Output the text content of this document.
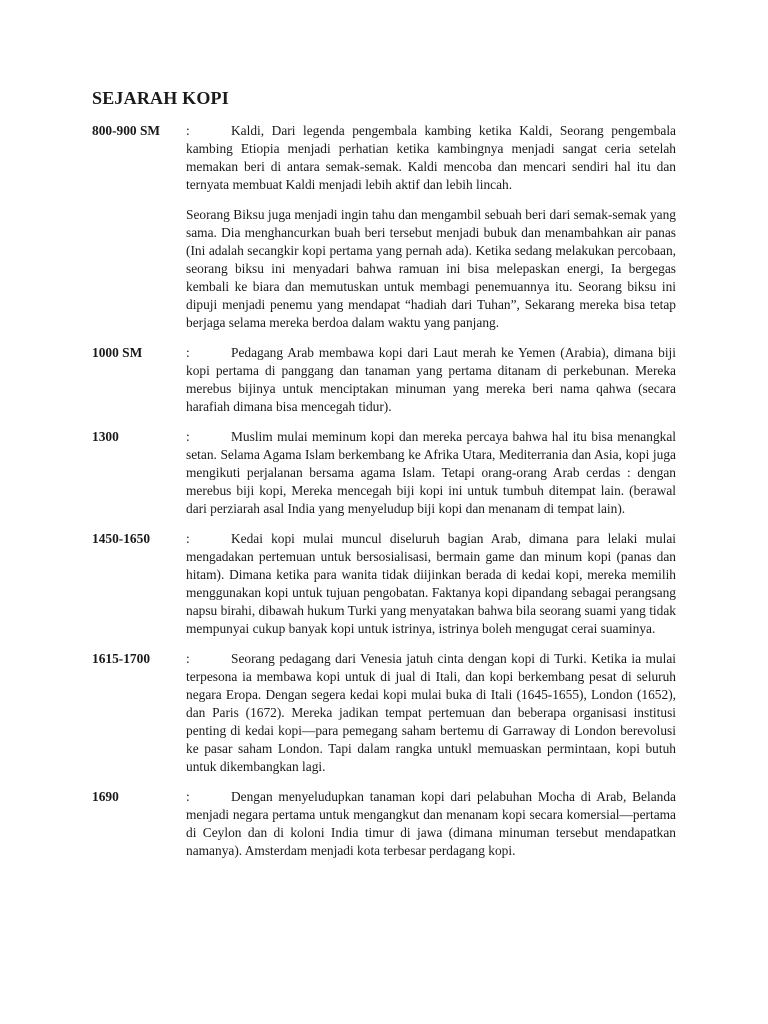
SEJARAH KOPI
800-900 SM	:	Kaldi, Dari legenda pengembala kambing ketika Kaldi, Seorang pengembala kambing Etiopia menjadi perhatian ketika kambingnya menjadi sangat ceria setelah memakan beri di antara semak-semak. Kaldi mencoba dan mencari sendiri hal itu dan ternyata membuat Kaldi menjadi lebih aktif dan lebih lincah.

Seorang Biksu juga menjadi ingin tahu dan mengambil sebuah beri dari semak-semak yang sama. Dia menghancurkan buah beri tersebut menjadi bubuk dan menambahkan air panas (Ini adalah secangkir kopi pertama yang pernah ada). Ketika sedang melakukan percobaan, seorang biksu ini menyadari bahwa ramuan ini bisa melepaskan energi, Ia bergegas kembali ke biara dan memutuskan untuk membagi penemuannya itu. Seorang biksu ini dipuji menjadi penemu yang mendapat “hadiah dari Tuhan”, Sekarang mereka bisa tetap berjaga selama mereka berdoa dalam waktu yang panjang.

1000 SM	:	Pedagang Arab membawa kopi dari Laut merah ke Yemen (Arabia), dimana biji kopi pertama di panggang dan tanaman yang pertama ditanam di perkebunan. Mereka merebus bijinya untuk menciptakan minuman yang mereka beri nama qahwa (secara harafiah dimana bisa mencegah tidur).

1300	:	Muslim mulai meminum kopi dan mereka percaya bahwa hal itu bisa menangkal setan. Selama Agama Islam berkembang ke Afrika Utara, Mediterrania dan Asia, kopi juga mengikuti perjalanan bersama agama Islam. Tetapi orang-orang Arab cerdas : dengan merebus biji kopi, Mereka mencegah biji kopi ini untuk tumbuh ditempat lain. (berawal dari perziarah asal India yang menyeludup biji kopi dan menanam di tempat lain).

1450-1650	:	Kedai kopi mulai muncul diseluruh bagian Arab, dimana para lelaki mulai mengadakan pertemuan untuk bersosialisasi, bermain game dan minum kopi (panas dan hitam). Dimana ketika para wanita tidak diijinkan berada di kedai kopi, mereka memilih menggunakan kopi untuk tujuan pengobatan. Faktanya kopi dipandang sebagai perangsang napsu birahi, dibawah hukum Turki yang menyatakan bahwa bila seorang suami yang tidak mempunyai cukup banyak kopi untuk istrinya, istrinya boleh mengugat cerai suaminya.

1615-1700	:	Seorang pedagang dari Venesia jatuh cinta dengan kopi di Turki. Ketika ia mulai terpesona ia membawa kopi untuk di jual di Itali, dan kopi berkembang pesat di seluruh negara Eropa. Dengan segera kedai kopi mulai buka di Itali (1645-1655), London (1652), dan Paris (1672). Mereka jadikan tempat pertemuan dan beberapa organisasi institusi penting di kedai kopi—para pemegang saham bertemu di Garraway di London berevolusi ke pasar saham London. Tapi dalam rangka untukl memuaskan permintaan, kopi butuh untuk dikembangkan lagi.

1690	:	Dengan menyeludupkan tanaman kopi dari pelabuhan Mocha di Arab, Belanda menjadi negara pertama untuk mengangkut dan menanam kopi secara komersial—pertama di Ceylon dan di koloni India timur di jawa (dimana minuman tersebut mendapatkan namanya). Amsterdam menjadi kota terbesar perdagang kopi.
